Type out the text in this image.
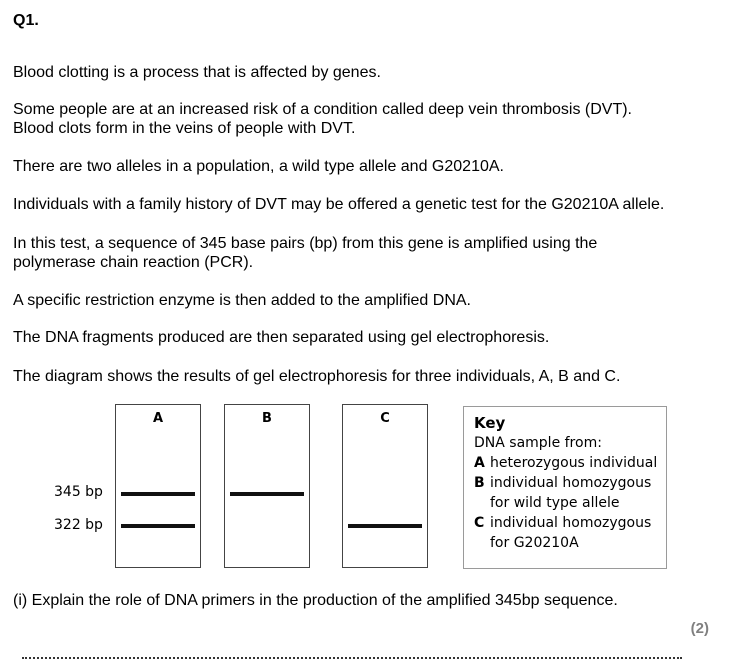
Q1.
Blood clotting is a process that is affected by genes.
Some people are at an increased risk of a condition called deep vein thrombosis (DVT).
Blood clots form in the veins of people with DVT.
There are two alleles in a population, a wild type allele and G20210A.
Individuals with a family history of DVT may be offered a genetic test for the G20210A allele.
In this test, a sequence of 345 base pairs (bp) from this gene is amplified using the
polymerase chain reaction (PCR).
A specific restriction enzyme is then added to the amplified DNA.
The DNA fragments produced are then separated using gel electrophoresis.
The diagram shows the results of gel electrophoresis for three individuals, A, B and C.
345 bp
322 bp
A	B	C	Key
DNA sample from:
A heterozygous individual
B individual homozygous
for wild type allele
C individual homozygous
for G20210A
(i) Explain the role of DNA primers in the production of the amplified 345bp sequence.
(2)
